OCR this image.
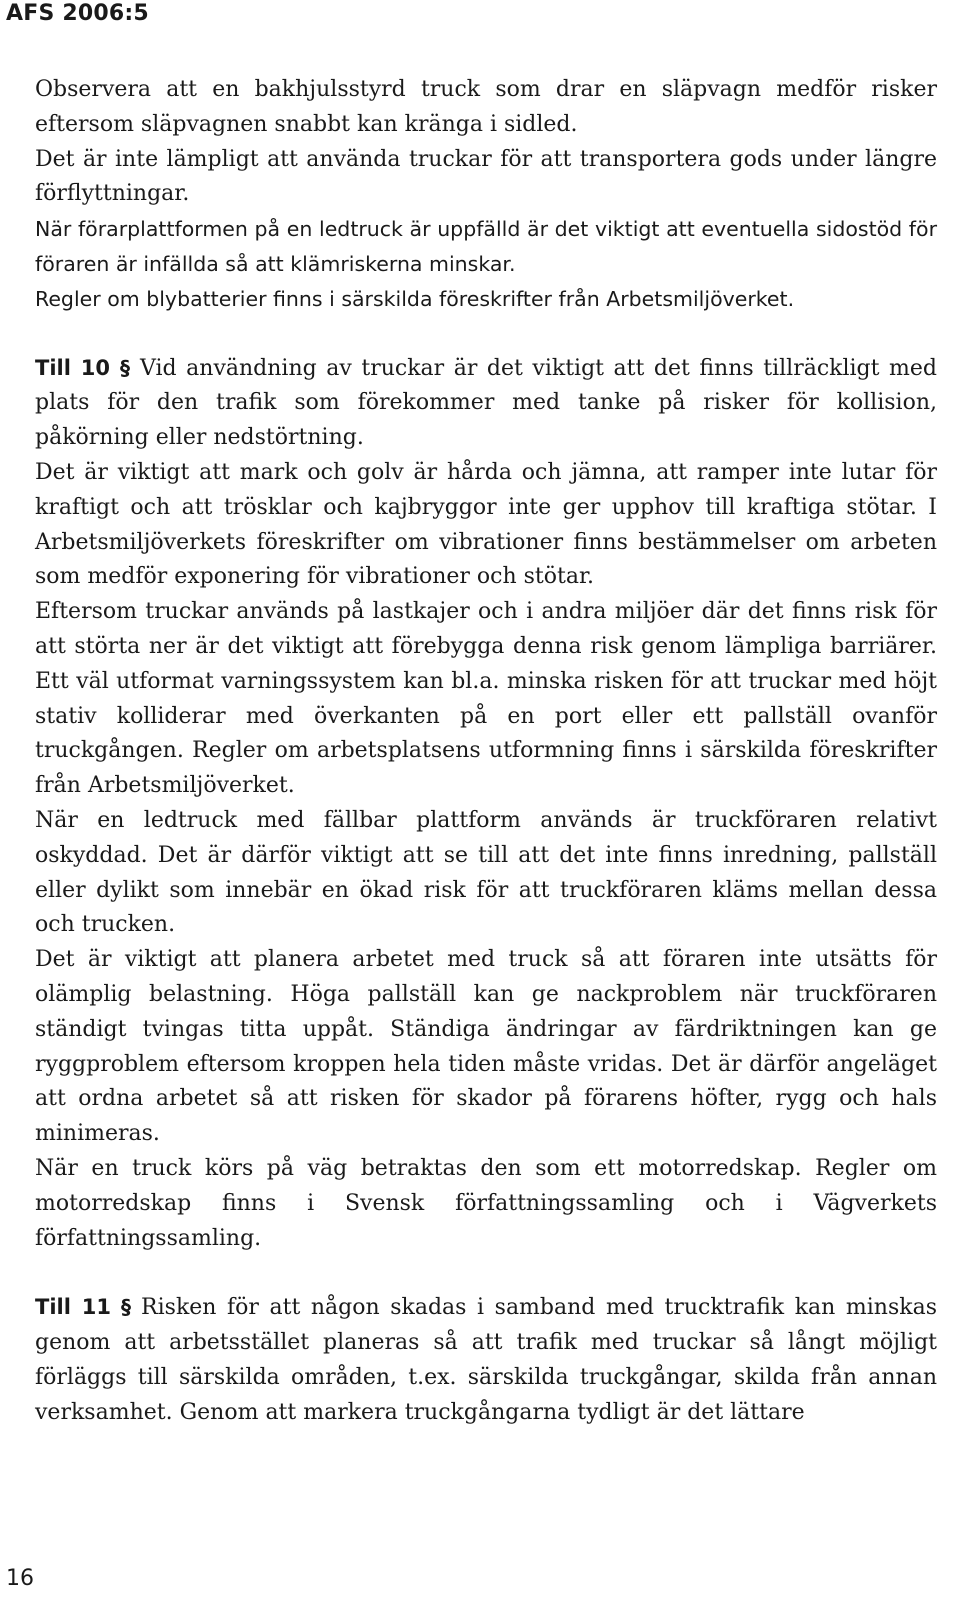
AFS 2006:5

Observera att en bakhjulsstyrd truck som drar en släpvagn medför risker eftersom släpvagnen snabbt kan kränga i sidled.

Det är inte lämpligt att använda truckar för att transportera gods under längre förflyttningar.

När förarplattformen på en ledtruck är uppfälld är det viktigt att eventuella sidostöd för föraren är infällda så att klämriskerna minskar.

Regler om blybatterier finns i särskilda föreskrifter från Arbetsmiljöverket.

Till 10 § Vid användning av truckar är det viktigt att det finns tillräckligt med plats för den trafik som förekommer med tanke på risker för kollision, påkörning eller nedstörtning.

Det är viktigt att mark och golv är hårda och jämna, att ramper inte lutar för kraftigt och att trösklar och kajbryggor inte ger upphov till kraftiga stötar. I Arbetsmiljöverkets föreskrifter om vibrationer finns bestämmelser om arbeten som medför exponering för vibrationer och stötar.

Eftersom truckar används på lastkajer och i andra miljöer där det finns risk för att störta ner är det viktigt att förebygga denna risk genom lämpliga barriärer. Ett väl utformat varningssystem kan bl.a. minska risken för att truckar med höjt stativ kolliderar med överkanten på en port eller ett pallställ ovanför truckgången. Regler om arbetsplatsens utformning finns i särskilda föreskrifter från Arbetsmiljöverket.

När en ledtruck med fällbar plattform används är truckföraren relativt oskyddad. Det är därför viktigt att se till att det inte finns inredning, pallställ eller dylikt som innebär en ökad risk för att truckföraren kläms mellan dessa och trucken.

Det är viktigt att planera arbetet med truck så att föraren inte utsätts för olämplig belastning. Höga pallställ kan ge nackproblem när truckföraren ständigt tvingas titta uppåt. Ständiga ändringar av färdriktningen kan ge ryggproblem eftersom kroppen hela tiden måste vridas. Det är därför angeläget att ordna arbetet så att risken för skador på förarens höfter, rygg och hals minimeras.

När en truck körs på väg betraktas den som ett motorredskap. Regler om motorredskap finns i Svensk författningssamling och i Vägverkets författningssamling.

Till 11 § Risken för att någon skadas i samband med trucktrafik kan minskas genom att arbetsstället planeras så att trafik med truckar så långt möjligt förläggs till särskilda områden, t.ex. särskilda truckgångar, skilda från annan verksamhet. Genom att markera truckgångarna tydligt är det lättare

16
